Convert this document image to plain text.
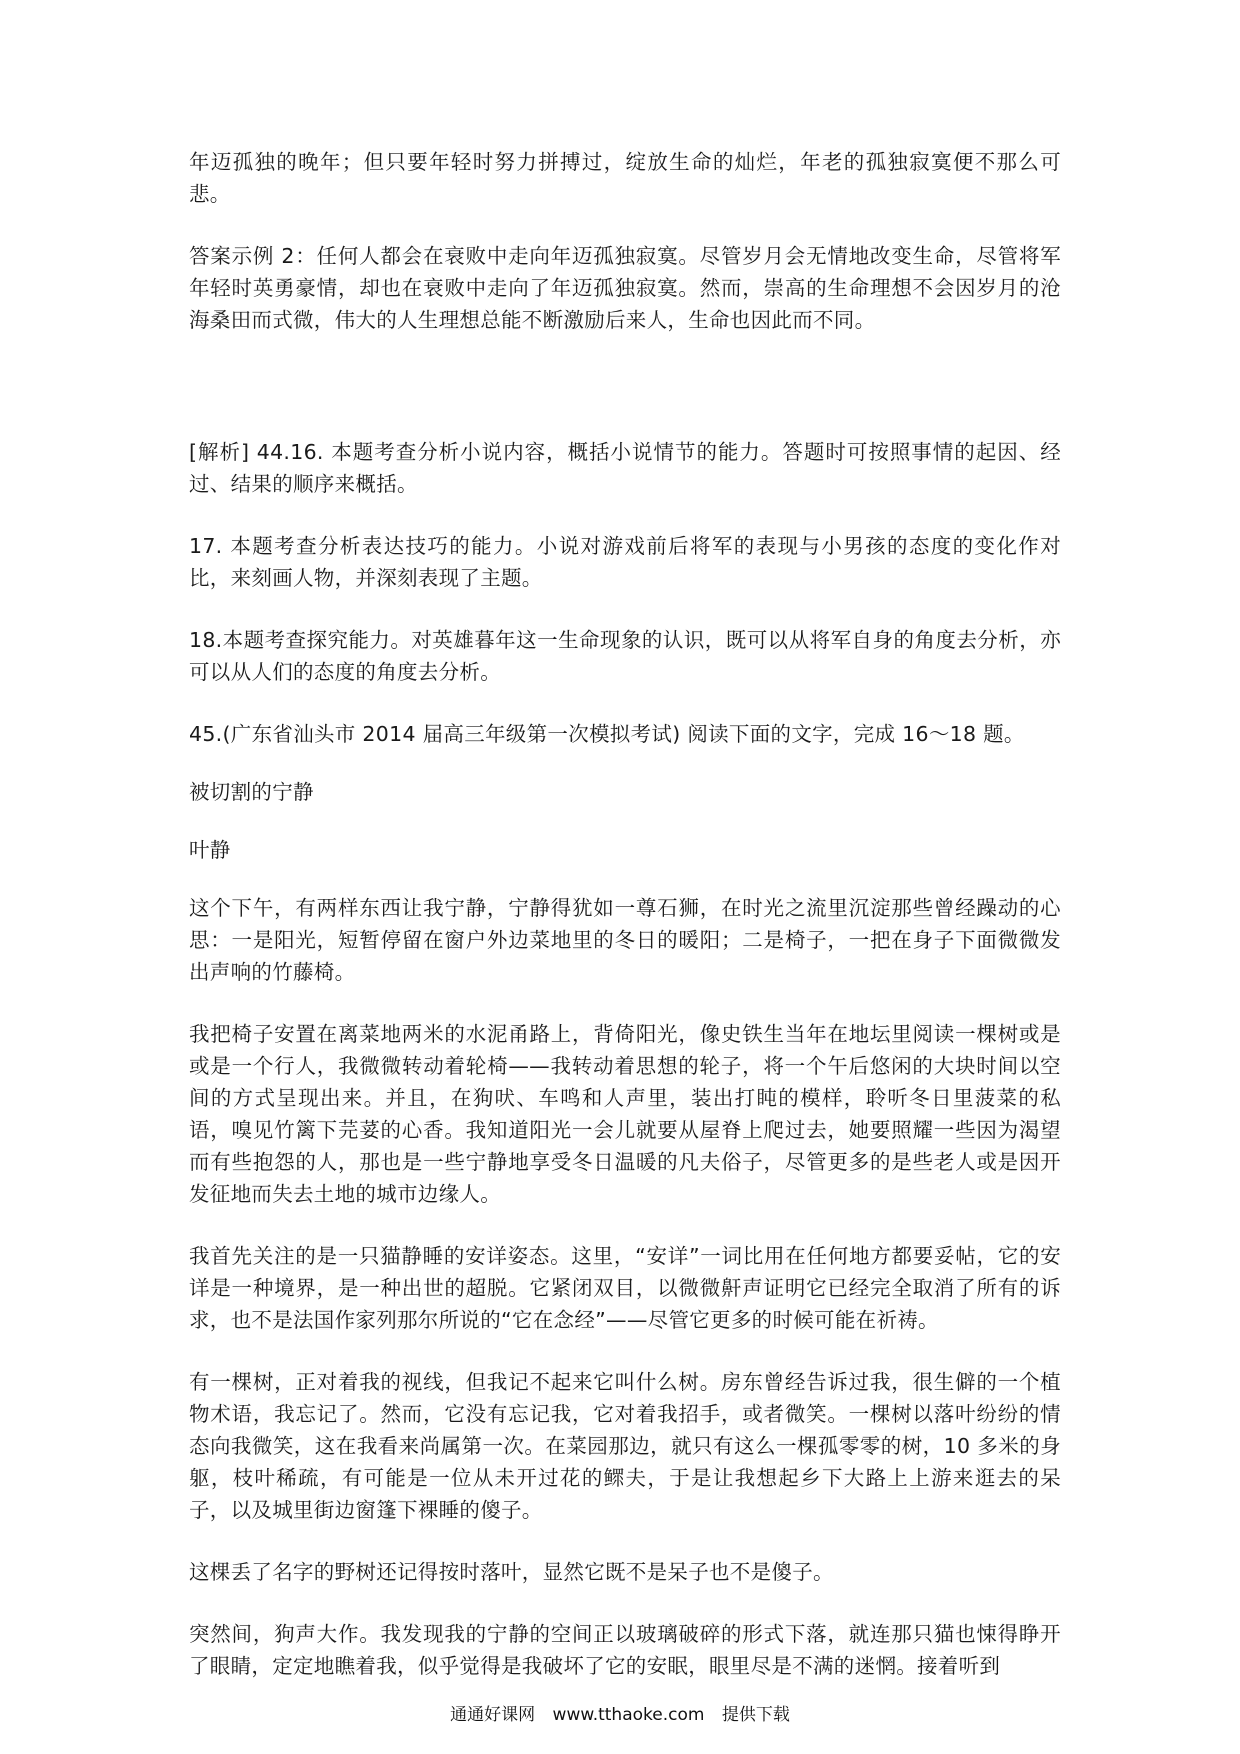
年迈孤独的晚年；但只要年轻时努力拼搏过，绽放生命的灿烂，年老的孤独寂寞便不那么可悲。

答案示例 2：任何人都会在衰败中走向年迈孤独寂寞。尽管岁月会无情地改变生命，尽管将军年轻时英勇豪情，却也在衰败中走向了年迈孤独寂寞。然而，崇高的生命理想不会因岁月的沧海桑田而式微，伟大的人生理想总能不断激励后来人，生命也因此而不同。

[解析] 44.16. 本题考查分析小说内容，概括小说情节的能力。答题时可按照事情的起因、经过、结果的顺序来概括。

17. 本题考查分析表达技巧的能力。小说对游戏前后将军的表现与小男孩的态度的变化作对比，来刻画人物，并深刻表现了主题。

18.本题考查探究能力。对英雄暮年这一生命现象的认识，既可以从将军自身的角度去分析，亦可以从人们的态度的角度去分析。

45.(广东省汕头市 2014 届高三年级第一次模拟考试) 阅读下面的文字，完成 16～18 题。

被切割的宁静

叶静

这个下午，有两样东西让我宁静，宁静得犹如一尊石狮，在时光之流里沉淀那些曾经躁动的心思：一是阳光，短暂停留在窗户外边菜地里的冬日的暖阳；二是椅子，一把在身子下面微微发出声响的竹藤椅。

我把椅子安置在离菜地两米的水泥甬路上，背倚阳光，像史铁生当年在地坛里阅读一棵树或是或是一个行人，我微微转动着轮椅——我转动着思想的轮子，将一个午后悠闲的大块时间以空间的方式呈现出来。并且，在狗吠、车鸣和人声里，装出打盹的模样，聆听冬日里菠菜的私语，嗅见竹篱下芫荽的心香。我知道阳光一会儿就要从屋脊上爬过去，她要照耀一些因为渴望而有些抱怨的人，那也是一些宁静地享受冬日温暖的凡夫俗子，尽管更多的是些老人或是因开发征地而失去土地的城市边缘人。

我首先关注的是一只猫静睡的安详姿态。这里，“安详”一词比用在任何地方都要妥帖，它的安详是一种境界，是一种出世的超脱。它紧闭双目，以微微鼾声证明它已经完全取消了所有的诉求，也不是法国作家列那尔所说的“它在念经”——尽管它更多的时候可能在祈祷。

有一棵树，正对着我的视线，但我记不起来它叫什么树。房东曾经告诉过我，很生僻的一个植物术语，我忘记了。然而，它没有忘记我，它对着我招手，或者微笑。一棵树以落叶纷纷的情态向我微笑，这在我看来尚属第一次。在菜园那边，就只有这么一棵孤零零的树，10 多米的身躯，枝叶稀疏，有可能是一位从未开过花的鳏夫，于是让我想起乡下大路上上游来逛去的呆子，以及城里街边窗篷下裸睡的傻子。

这棵丢了名字的野树还记得按时落叶，显然它既不是呆子也不是傻子。

突然间，狗声大作。我发现我的宁静的空间正以玻璃破碎的形式下落，就连那只猫也悚得睁开了眼睛，定定地瞧着我，似乎觉得是我破坏了它的安眠，眼里尽是不满的迷惘。接着听到

通通好课网 www.tthaoke.com 提供下载
